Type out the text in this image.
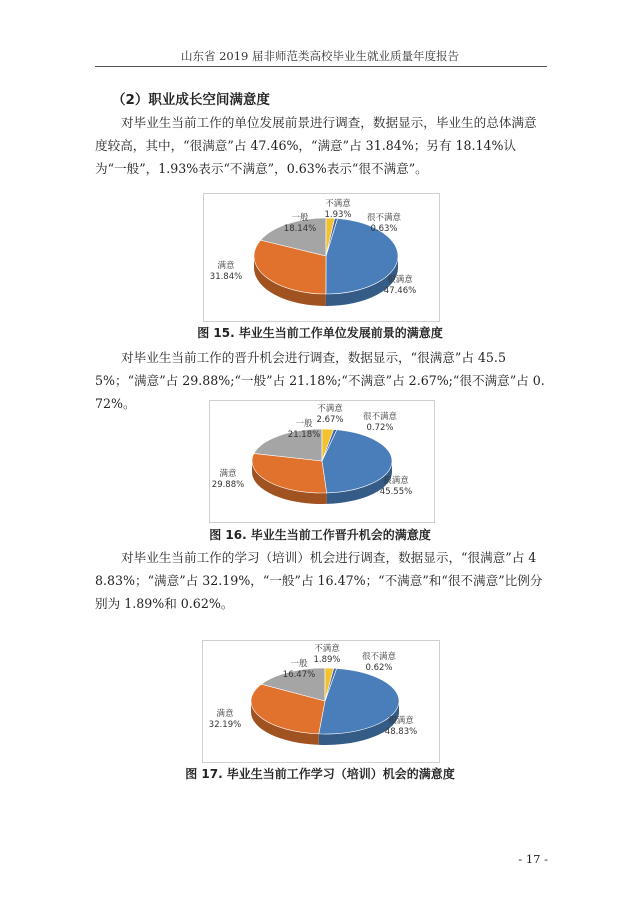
山东省 2019 届非师范类高校毕业生就业质量年度报告
（2）职业成长空间满意度

对毕业生当前工作的单位发展前景进行调查，数据显示，毕业生的总体满意度较高，其中，“很满意”占 47.46%，“满意”占 31.84%；另有 18.14%认为“一般”，1.93%表示“不满意”，0.63%表示“很不满意”。

很满意
47.46%
满意
31.84%
一般
18.14%
不满意
1.93% 很不满意
0.63%
图 15. 毕业生当前工作单位发展前景的满意度

对毕业生当前工作的晋升机会进行调查，数据显示，“很满意”占 45.55%；“满意”占 29.88%;“一般”占 21.18%;“不满意”占 2.67%;“很不满意”占 0.72%。

很满意
45.55%
满意
29.88%
一般
21.18%
不满意
2.67% 很不满意
0.72%
图 16. 毕业生当前工作晋升机会的满意度

对毕业生当前工作的学习（培训）机会进行调查，数据显示，“很满意”占 48.83%；“满意”占 32.19%，“一般”占 16.47%；“不满意”和“很不满意”比例分别为 1.89%和 0.62%。

很满意
48.83%
满意
32.19%
一般
16.47%
不满意
1.89%	很不满意
0.62%
图 17. 毕业生当前工作学习（培训）机会的满意度
- 17 -
